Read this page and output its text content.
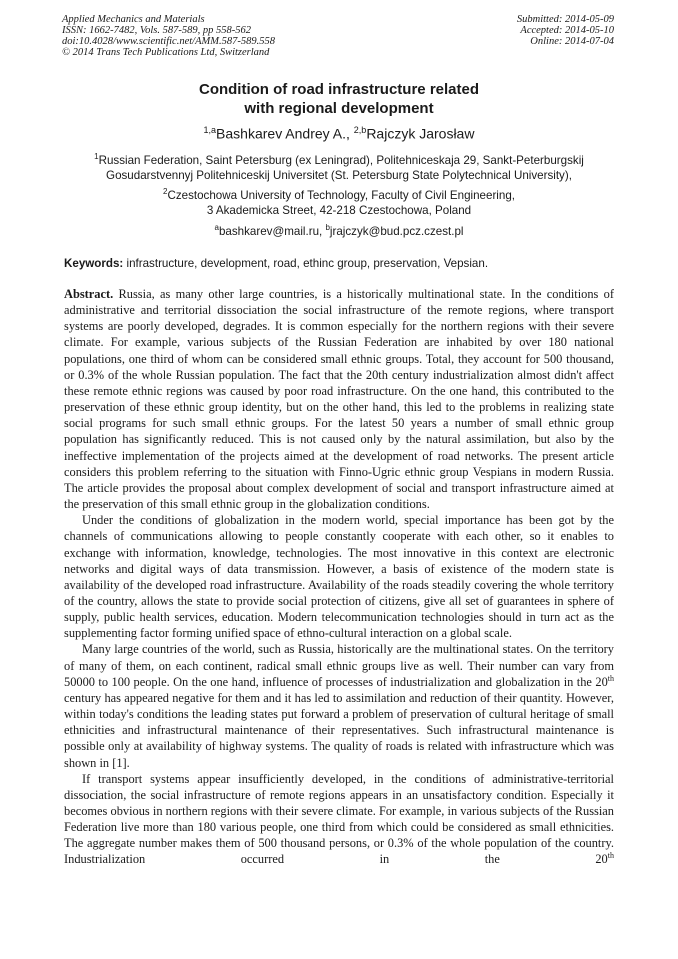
Applied Mechanics and Materials
ISSN: 1662-7482, Vols. 587-589, pp 558-562
doi:10.4028/www.scientific.net/AMM.587-589.558
© 2014 Trans Tech Publications Ltd, Switzerland
Submitted: 2014-05-09
Accepted: 2014-05-10
Online: 2014-07-04
Condition of road infrastructure related
with regional development
$^{1,a}$Bashkarev Andrey A., $^{2,b}$Rajczyk Jarosław
$^1$Russian Federation, Saint Petersburg (ex Leningrad), Politehniceskaja 29, Sankt-Peterburgskij
Gosudarstvennyj Politehniceskij Universitet (St. Petersburg State Polytechnical University),
$^2$Czestochowa University of Technology, Faculty of Civil Engineering,
3 Akademicka Street, 42-218 Czestochowa, Poland
$^a$bashkarev@mail.ru, $^b$jrajczyk@bud.pcz.czest.pl
Keywords: infrastructure, development, road, ethinc group, preservation, Vepsian.

Abstract. Russia, as many other large countries, is a historically multinational state. In the conditions of administrative and territorial dissociation the social infrastructure of the remote regions, where transport systems are poorly developed, degrades. It is common especially for the northern regions with their severe climate. For example, various subjects of the Russian Federation are inhabited by over 180 national populations, one third of whom can be considered small ethnic groups. Total, they account for 500 thousand, or 0.3% of the whole Russian population. The fact that the 20th century industrialization almost didn't affect these remote ethnic regions was caused by poor road infrastructure. On the one hand, this contributed to the preservation of these ethnic group identity, but on the other hand, this led to the problems in realizing state social programs for such small ethnic groups. For the latest 50 years a number of small ethnic group population has significantly reduced. This is not caused only by the natural assimilation, but also by the ineffective implementation of the projects aimed at the development of road networks. The present article considers this problem referring to the situation with Finno-Ugric ethnic group Vespians in modern Russia. The article provides the proposal about complex development of social and transport infrastructure aimed at the preservation of this small ethnic group in the globalization conditions.

Under the conditions of globalization in the modern world, special importance has been got by the channels of communications allowing to people constantly cooperate with each other, so it enables to exchange with information, knowledge, technologies. The most innovative in this context are electronic networks and digital ways of data transmission. However, a basis of existence of the modern state is availability of the developed road infrastructure. Availability of the roads steadily covering the whole territory of the country, allows the state to provide social protection of citizens, give all set of guarantees in sphere of supply, public health services, education. Modern telecommunication technologies should in turn act as the supplementing factor forming unified space of ethno-cultural interaction on a global scale.

Many large countries of the world, such as Russia, historically are the multinational states. On the territory of many of them, on each continent, radical small ethnic groups live as well. Their number can vary from 50000 to 100 people. On the one hand, influence of processes of industrialization and globalization in the 20th century has appeared negative for them and it has led to assimilation and reduction of their quantity. However, within today's conditions the leading states put forward a problem of preservation of cultural heritage of small ethnicities and infrastructural maintenance of their representatives. Such infrastructural maintenance is possible only at availability of highway systems. The quality of roads is related with infrastructure which was shown in [1].

If transport systems appear insufficiently developed, in the conditions of administrative-territorial dissociation, the social infrastructure of remote regions appears in an unsatisfactory condition. Especially it becomes obvious in northern regions with their severe climate. For example, in various subjects of the Russian Federation live more than 180 various people, one third from which could be considered as small ethnicities. The aggregate number makes them of 500 thousand persons, or 0.3% of the whole population of the country. Industrialization occurred in the 20th
